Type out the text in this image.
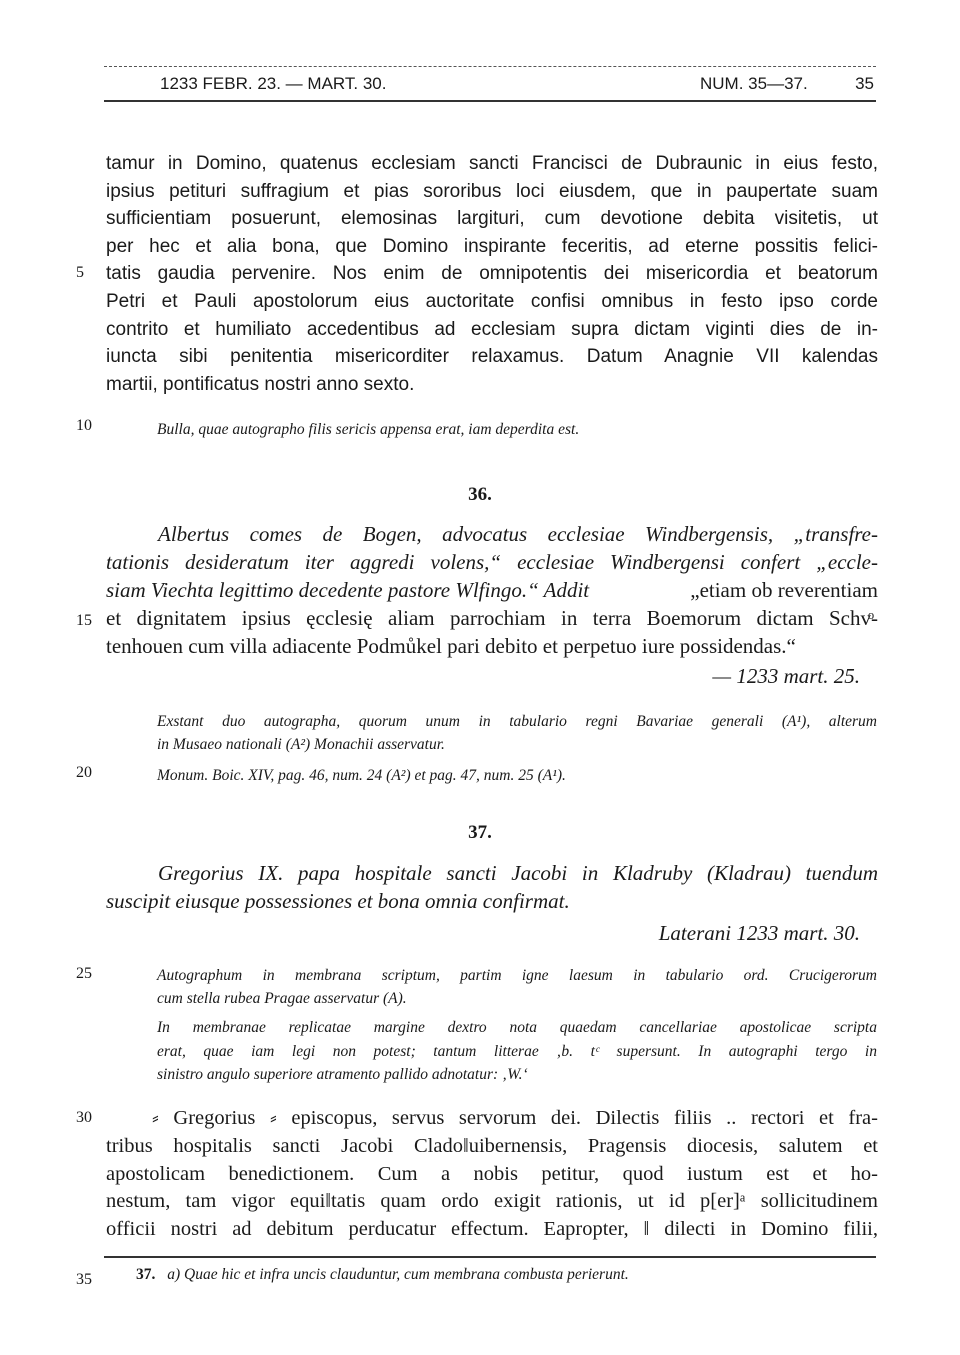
1233 FEBR. 23. — MART. 30.	NUM. 35—37.	35
tamur in Domino, quatenus ecclesiam sancti Francisci de Dubraunic in eius festo,
ipsius petituri suffragium et pias sororibus loci eiusdem, que in paupertate suam
sufficientiam posuerunt, elemosinas largituri, cum devotione debita visitetis, ut
per hec et alia bona, que Domino inspirante feceritis, ad eterne possitis felici-
tatis gaudia pervenire. Nos enim de omnipotentis dei misericordia et beatorum
Petri et Pauli apostolorum eius auctoritate confisi omnibus in festo ipso corde
contrito et humiliato accedentibus ad ecclesiam supra dictam viginti dies de in-
iuncta sibi penitentia misericorditer relaxamus. Datum Anagnie VII kalendas
martii, pontificatus nostri anno sexto.
5
10
15
20
25
30
35
Bulla, quae autographo filis sericis appensa erat, iam deperdita est.
36.
Albertus comes de Bogen, advocatus ecclesiae Windbergensis, „transfre-
tationis desideratum iter aggredi volens,“ ecclesiae Windbergensi confert „eccle-
siam Viechta legittimo decedente pastore Wlfingo.“ Addit	„etiam ob reverentiam
et dignitatem ipsius ęcclesię aliam parrochiam in terra Boemorum dictam Schvͦ-
tenhouen cum villa adiacente Podmůkel pari debito et perpetuo iure possidendas.“
— 1233 mart. 25.
Exstant duo autographa, quorum unum in tabulario regni Bavariae generali (A¹), alterum
in Musaeo nationali (A²) Monachii asservatur.
Monum. Boic. XIV, pag. 46, num. 24 (A²) et pag. 47, num. 25 (A¹).
37.
Gregorius IX. papa hospitale sancti Jacobi in Kladruby (Kladrau) tuendum
suscipit eiusque possessiones et bona omnia confirmat.
Laterani 1233 mart. 30.
Autographum in membrana scriptum, partim igne laesum in tabulario ord. Crucigerorum
cum stella rubea Pragae asservatur (A).
In membranae replicatae margine dextro nota quaedam cancellariae apostolicae scripta
erat, quae iam legi non potest; tantum litterae ‚b. tᶜ supersunt. In autographi tergo in
sinistro angulo superiore atramento pallido adnotatur: ‚W.‘
⸗ Gregorius ⸗ episcopus, servus servorum dei. Dilectis filiis .. rectori et fra-
tribus hospitalis sancti Jacobi Clado‖uibernensis, Pragensis diocesis, salutem et
apostolicam benedictionem. Cum a nobis petitur, quod iustum est et ho-
nestum, tam vigor equi‖tatis quam ordo exigit rationis, ut id p[er]ᵃ sollicitudinem
officii nostri ad debitum perducatur effectum. Eapropter, ‖ dilecti in Domino filii,
37. a) Quae hic et infra uncis clauduntur, cum membrana combusta perierunt.
